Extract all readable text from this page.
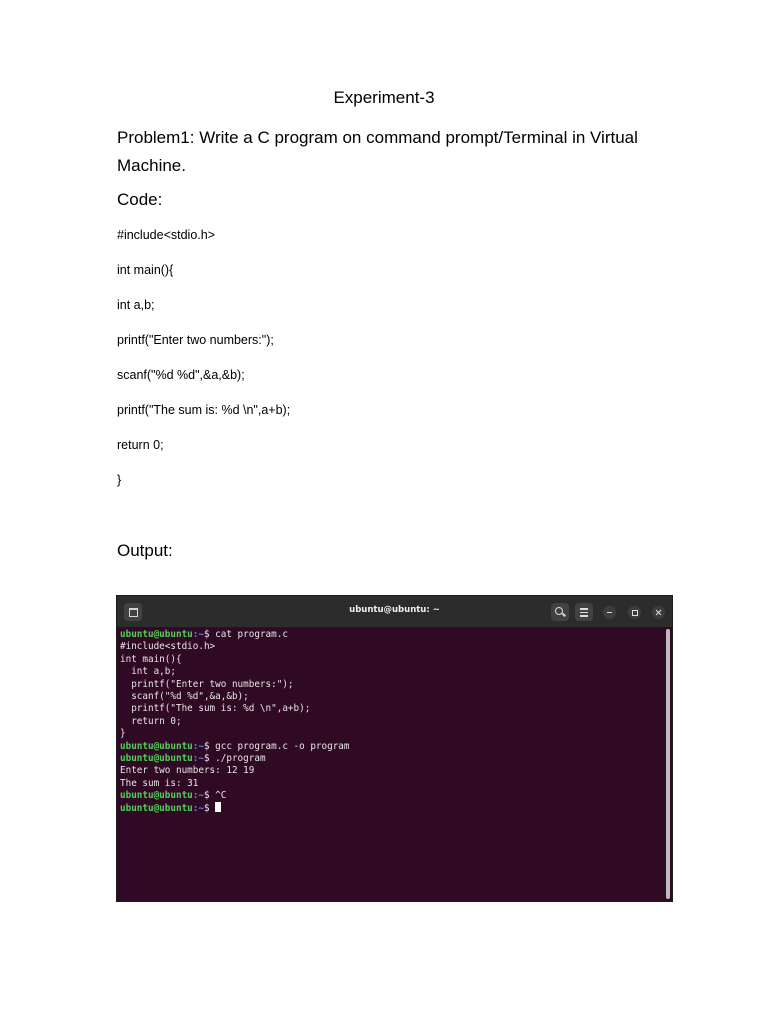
Experiment-3
Problem1: Write a C program on command prompt/Terminal in Virtual Machine.
Code:
#include<stdio.h>
int main(){
int a,b;
printf("Enter two numbers:");
scanf("%d %d",&a,&b);
printf("The sum is: %d \n",a+b);
return 0;
}
Output:
ubuntu@ubuntu: ~
ubuntu@ubuntu:~$ cat program.c
#include<stdio.h>
int main(){
int a,b;
printf("Enter two numbers:");
scanf("%d %d",&a,&b);
printf("The sum is: %d \n",a+b);
return 0;
}
ubuntu@ubuntu:~$ gcc program.c -o program
ubuntu@ubuntu:~$ ./program
Enter two numbers: 12 19
The sum is: 31
ubuntu@ubuntu:~$ ^C
ubuntu@ubuntu:~$
